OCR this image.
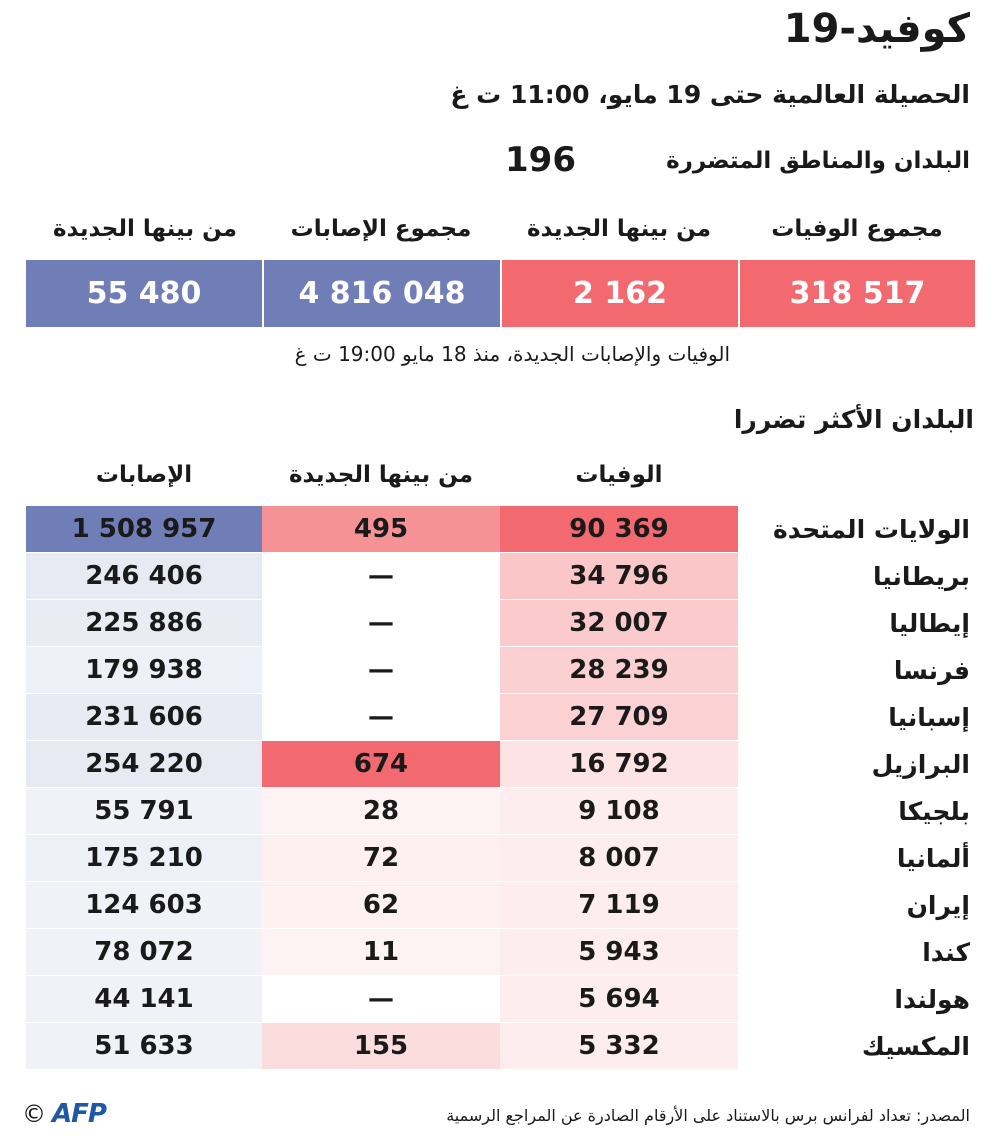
كوفيد-19
الحصيلة العالمية حتى 19 مايو، 11:00 ت غ
البلدان والمناطق المتضررة
196
مجموع الوفيات
من بينها الجديدة
مجموع الإصابات
من بينها الجديدة
318 517
2 162
4 816 048
55 480
الوفيات والإصابات الجديدة، منذ 18 مايو 19:00 ت غ
البلدان الأكثر تضررا
الوفيات
من بينها الجديدة
الإصابات
الولايات المتحدة
90 369
495
1 508 957
بريطانيا
34 796
—
246 406
إيطاليا
32 007
—
225 886
فرنسا
28 239
—
179 938
إسبانيا
27 709
—
231 606
البرازيل
16 792
674
254 220
بلجيكا
9 108
28
55 791
ألمانيا
8 007
72
175 210
إيران
7 119
62
124 603
كندا
5 943
11
78 072
هولندا
5 694
—
44 141
المكسيك
5 332
155
51 633
المصدر: تعداد لفرانس برس بالاستناد على الأرقام الصادرة عن المراجع الرسمية
© AFP
